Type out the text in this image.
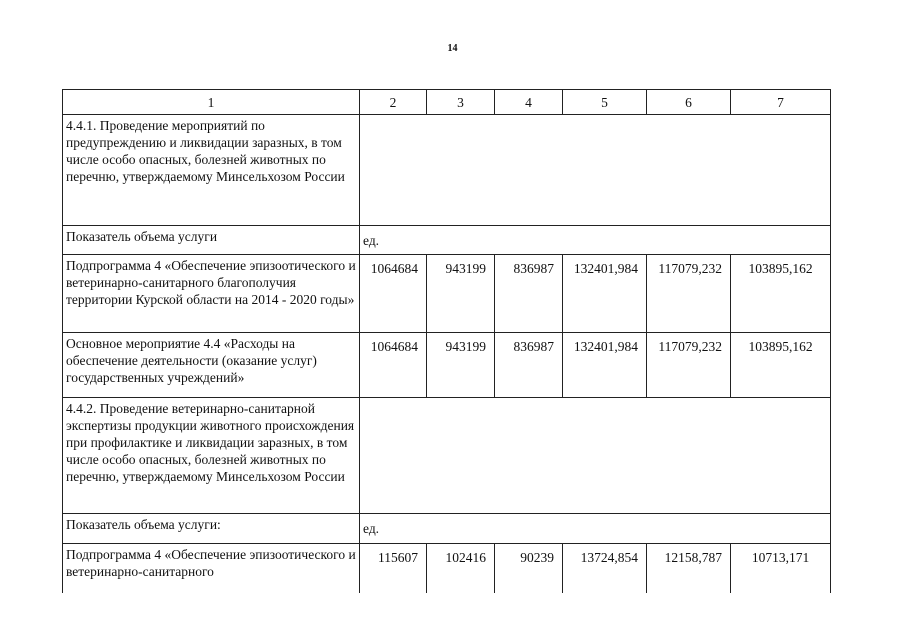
14
1	2	3	4	5	6	7
4.4.1. Проведение мероприятий по предупреждению и ликвидации заразных, в том числе особо опасных, болезней животных по перечню, утверждаемому Минсельхозом России						
Показатель объема услуги	ед.					
Подпрограмма 4 «Обеспечение эпизоотического и ветеринарно-санитарного благополучия территории Курской области на 2014 - 2020 годы»	1064684	943199	836987	132401,984	117079,232	103895,162
Основное мероприятие 4.4 «Расходы на обеспечение деятельности (оказание услуг) государственных учреждений»	1064684	943199	836987	132401,984	117079,232	103895,162
4.4.2. Проведение ветеринарно-санитарной экспертизы продукции животного происхождения при профилактике и ликвидации заразных, в том числе особо опасных, болезней животных по перечню, утверждаемому Минсельхозом России						
Показатель объема услуги:	ед.					
Подпрограмма 4 «Обеспечение эпизоотического и ветеринарно-санитарного	115607	102416	90239	13724,854	12158,787	10713,171
